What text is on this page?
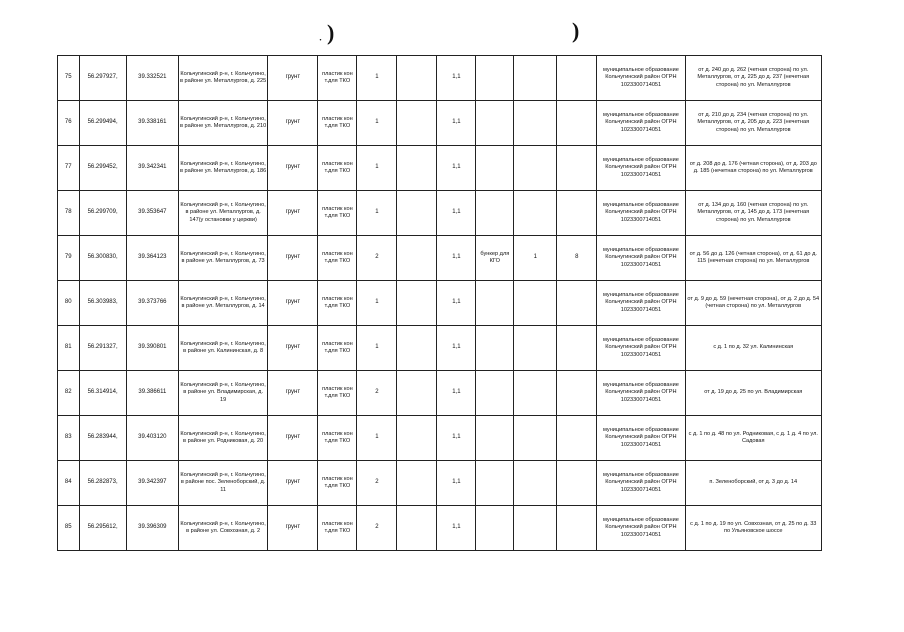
· )	)
75	56.297927,	39.332521	Кольчугинский р-н, г. Кольчугино, в районе ул. Металлургов, д. 225	грунт	пластик кон т.для ТКО	1		1,1				муниципальное образование Кольчугинский район ОГРН 1023300714051	от д. 240 до д. 262 (четная сторона) по ул. Металлургов, от д. 225 до д. 237 (нечетная сторона) по ул. Металлургов
76	56.299494,	39.338161	Кольчугинский р-н, г. Кольчугино, в районе ул. Металлургов, д. 210	грунт	пластик кон т.для ТКО	1		1,1				муниципальное образование Кольчугинский район ОГРН 1023300714051	от д. 210 до д. 234 (четная сторона) по ул. Металлургов, от д. 205 до д. 223 (нечетная сторона) по ул. Металлургов
77	56.299452,	39.342341	Кольчугинский р-н, г. Кольчугино, в районе ул. Металлургов, д. 186	грунт	пластик кон т.для ТКО	1		1,1				муниципальное образование Кольчугинский район ОГРН 1023300714051	от д. 208 до д. 176 (четная сторона), от д. 203 до д. 185 (нечетная сторона) по ул. Металлургов
78	56.299709,	39.353647	Кольчугинский р-н, г. Кольчугино, в районе ул. Металлургов, д. 147(у остановки у церкви)	грунт	пластик кон т.для ТКО	1		1,1				муниципальное образование Кольчугинский район ОГРН 1023300714051	от д. 134 до д. 160 (четная сторона) по ул. Металлургов, от д. 145 до д. 173 (нечетная сторона) по ул. Металлургов
79	56.300830,	39.364123	Кольчугинский р-н, г. Кольчугино, в районе ул. Металлургов, д. 73	грунт	пластик кон т.для ТКО	2		1,1	бункер для КГО	1	8	муниципальное образование Кольчугинский район ОГРН 1023300714051	от д. 56 до д. 126 (четная сторона), от д. 61 до д. 115 (нечетная сторона) по ул. Металлургов
80	56.303983,	39.373766	Кольчугинский р-н, г. Кольчугино, в районе ул. Металлургов, д. 14	грунт	пластик кон т.для ТКО	1		1,1				муниципальное образование Кольчугинский район ОГРН 1023300714051	от д. 9 до д. 59 (нечетная сторона), от д. 2 до д. 54 (четная сторона) по ул. Металлургов
81	56.291327,	39.390801	Кольчугинский р-н, г. Кольчугино, в районе ул. Калининская, д. 8	грунт	пластик кон т.для ТКО	1		1,1				муниципальное образование Кольчугинский район ОГРН 1023300714051	с д. 1 по д. 32 ул. Калининская
82	56.314914,	39.386611	Кольчугинский р-н, г. Кольчугино, в районе ул. Владимирская, д. 19	грунт	пластик кон т.для ТКО	2		1,1				муниципальное образование Кольчугинский район ОГРН 1023300714051	от д. 19 до д. 25 по ул. Владимирская
83	56.283944,	39.403120	Кольчугинский р-н, г. Кольчугино, в районе ул. Родниковая, д. 20	грунт	пластик кон т.для ТКО	1		1,1				муниципальное образование Кольчугинский район ОГРН 1023300714051	с д. 1 по д. 48 по ул. Родниковая, с д. 1 д. 4 по ул. Садовая
84	56.282873,	39.342397	Кольчугинский р-н, г. Кольчугино, в районе пос. Зеленоборский, д. 11	грунт	пластик кон т.для ТКО	2		1,1				муниципальное образование Кольчугинский район ОГРН 1023300714051	п. Зеленоборский, от д. 3 до д. 14
85	56.295612,	39.396309	Кольчугинский р-н, г. Кольчугино, в районе ул. Совхозная, д. 2	грунт	пластик кон т.для ТКО	2		1,1				муниципальное образование Кольчугинский район ОГРН 1023300714051	с д. 1 по д. 19 по ул. Совхозная, от д. 25 по д. 33 по Ульяновское шоссе
